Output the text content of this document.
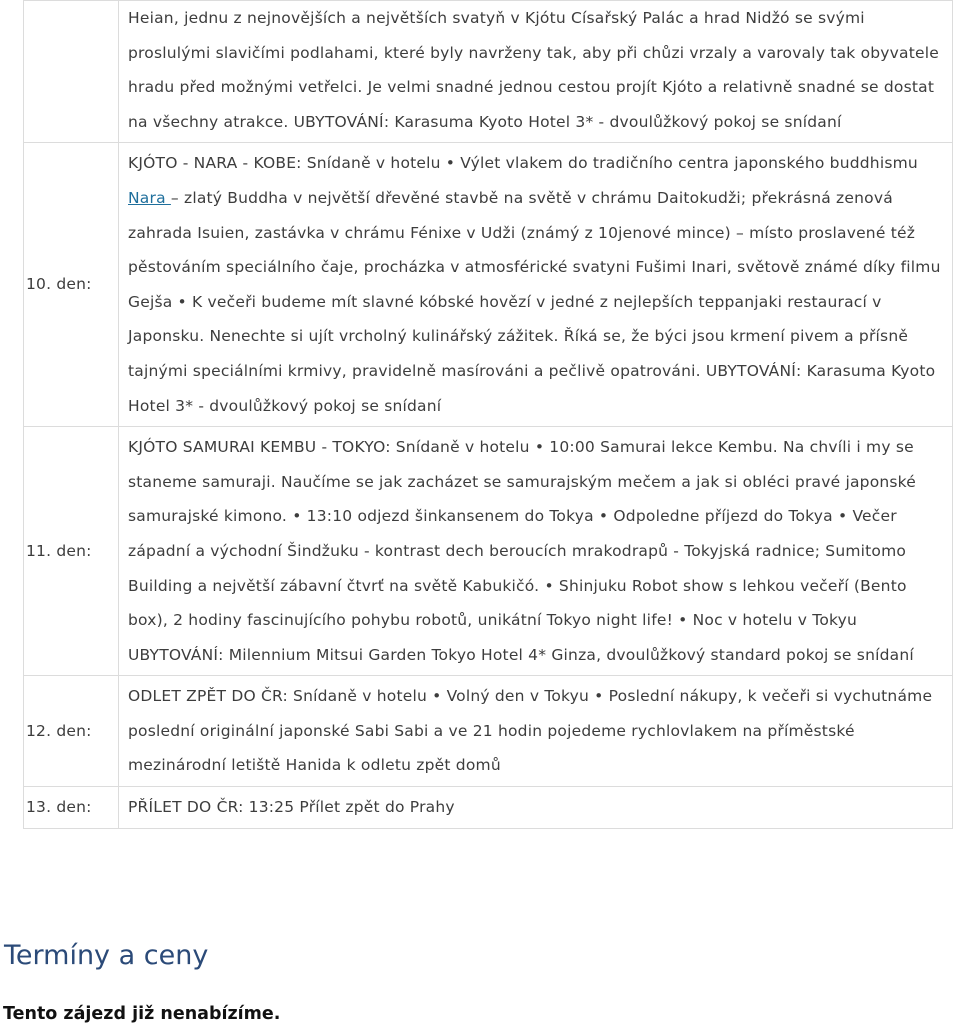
	Heian, jednu z nejnovějších a největších svatyň v Kjótu Císařský Palác a hrad Nidžó se svými proslulými slavičími podlahami, které byly navrženy tak, aby při chůzi vrzaly a varovaly tak obyvatele hradu před možnými vetřelci. Je velmi snadné jednou cestou projít Kjóto a relativně snadné se dostat na všechny atrakce. UBYTOVÁNÍ: Karasuma Kyoto Hotel 3* - dvoulůžkový pokoj se snídaní
10. den:	KJÓTO - NARA - KOBE: Snídaně v hotelu • Výlet vlakem do tradičního centra japonského buddhismu Nara – zlatý Buddha v největší dřevěné stavbě na světě v chrámu Daitokudži; překrásná zenová zahrada Isuien, zastávka v chrámu Fénixe v Udži (známý z 10jenové mince) – místo proslavené též pěstováním speciálního čaje, procházka v atmosférické svatyni Fušimi Inari, světově známé díky filmu Gejša • K večeři budeme mít slavné kóbské hovězí v jedné z nejlepších teppanjaki restaurací v Japonsku. Nenechte si ujít vrcholný kulinářský zážitek. Říká se, že býci jsou krmení pivem a přísně tajnými speciálními krmivy, pravidelně masírováni a pečlivě opatrováni. UBYTOVÁNÍ: Karasuma Kyoto Hotel 3* - dvoulůžkový pokoj se snídaní
11. den:	KJÓTO SAMURAI KEMBU - TOKYO: Snídaně v hotelu • 10:00 Samurai lekce Kembu. Na chvíli i my se staneme samuraji. Naučíme se jak zacházet se samurajským mečem a jak si obléci pravé japonské samurajské kimono. • 13:10 odjezd šinkansenem do Tokya • Odpoledne příjezd do Tokya • Večer západní a východní Šindžuku - kontrast dech beroucích mrakodrapů - Tokyjská radnice; Sumitomo Building a největší zábavní čtvrť na světě Kabukičó. • Shinjuku Robot show s lehkou večeří (Bento box), 2 hodiny fascinujícího pohybu robotů, unikátní Tokyo night life! • Noc v hotelu v Tokyu UBYTOVÁNÍ: Milennium Mitsui Garden Tokyo Hotel 4* Ginza, dvoulůžkový standard pokoj se snídaní
12. den:	ODLET ZPĚT DO ČR: Snídaně v hotelu • Volný den v Tokyu • Poslední nákupy, k večeři si vychutnáme poslední originální japonské Sabi Sabi a ve 21 hodin pojedeme rychlovlakem na příměstské mezinárodní letiště Hanida k odletu zpět domů
13. den:	PŘÍLET DO ČR: 13:25 Přílet zpět do Prahy
Termíny a ceny

Tento zájezd již nenabízíme.
